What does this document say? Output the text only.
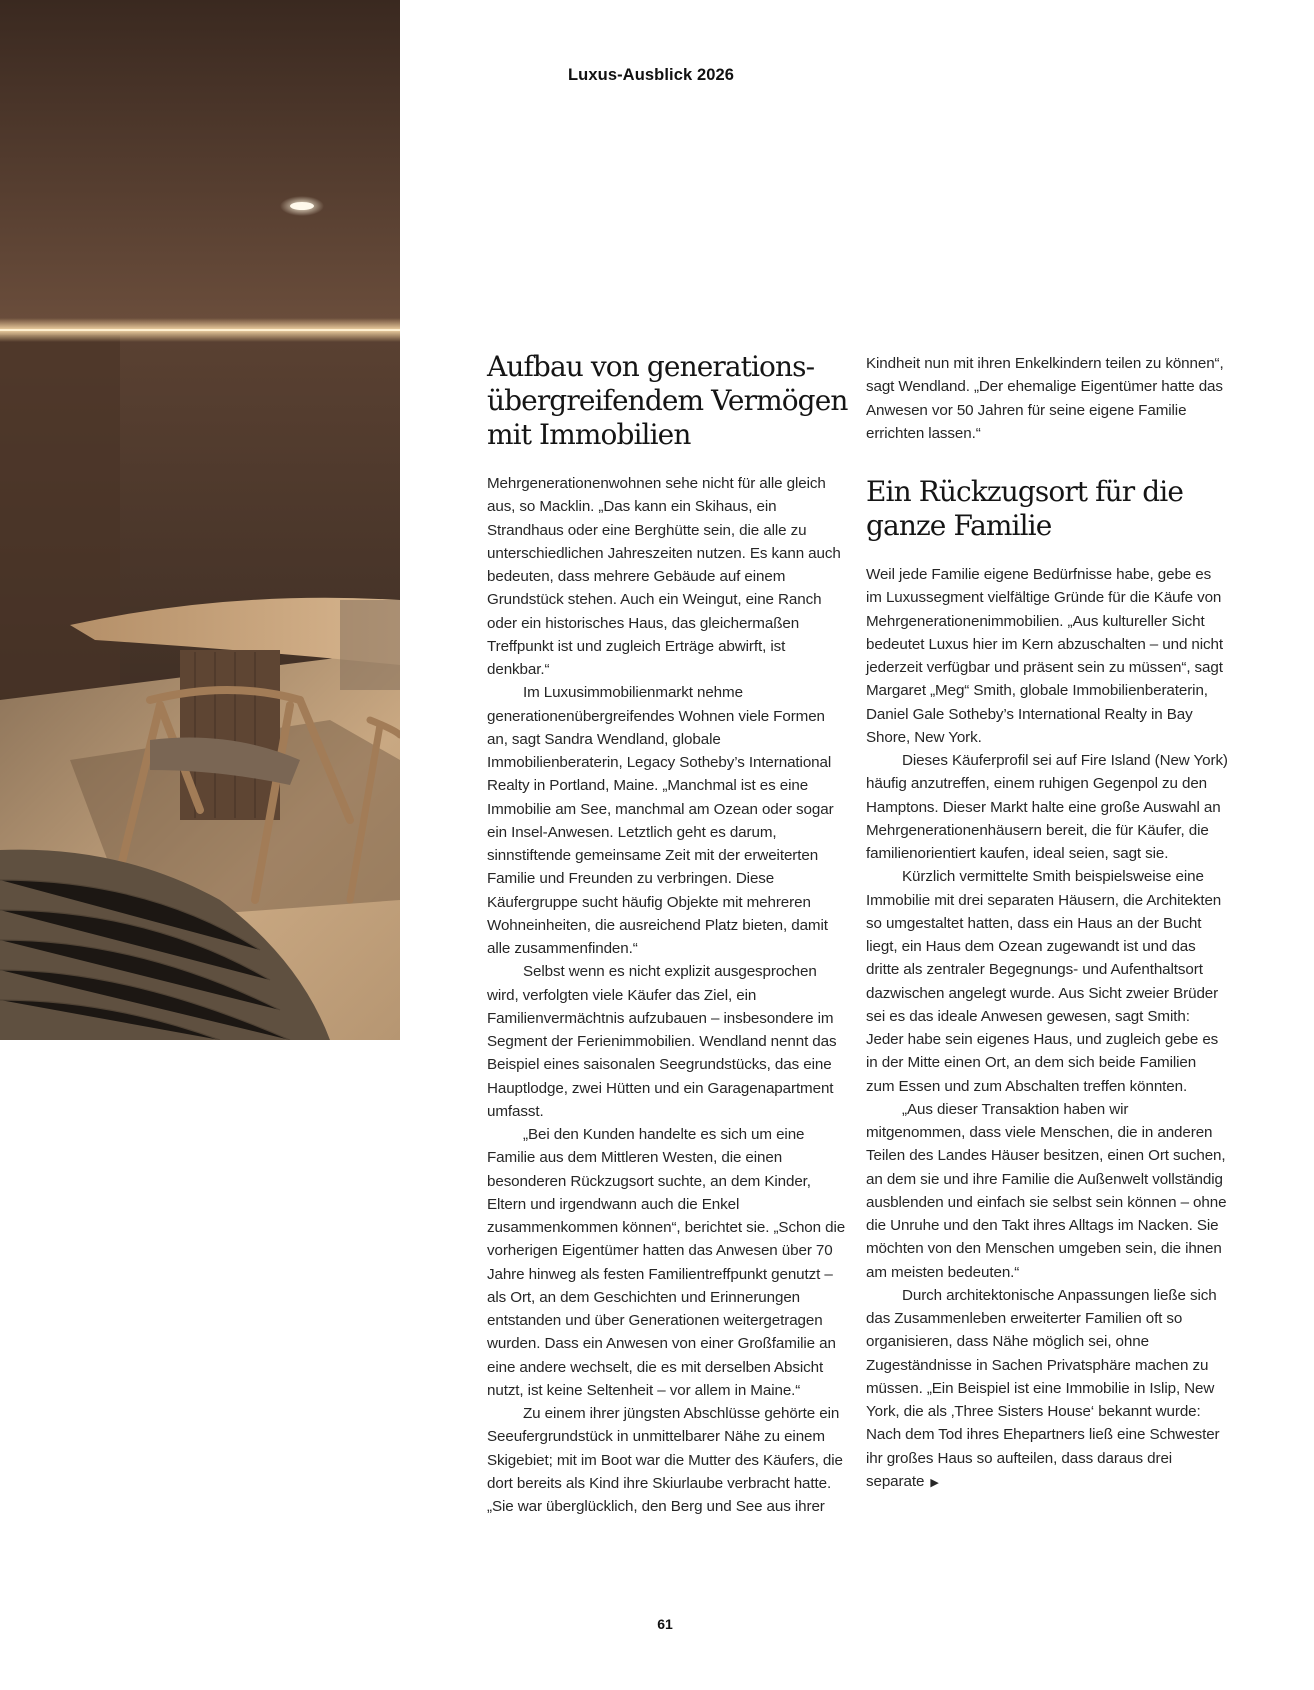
Luxus-Ausblick 2026
Aufbau von generations-übergreifendem Vermögen mit Immobilien

Mehrgenerationenwohnen sehe nicht für alle gleich aus, so Macklin. „Das kann ein Skihaus, ein Strandhaus oder eine Berghütte sein, die alle zu unterschiedlichen Jahreszeiten nutzen. Es kann auch bedeuten, dass mehrere Gebäude auf einem Grundstück stehen. Auch ein Weingut, eine Ranch oder ein historisches Haus, das gleichermaßen Treffpunkt ist und zugleich Erträge abwirft, ist denkbar.“

Im Luxusimmobilienmarkt nehme generationenübergreifendes Wohnen viele Formen an, sagt Sandra Wendland, globale Immobilienberaterin, Legacy Sotheby’s International Realty in Portland, Maine. „Manchmal ist es eine Immobilie am See, manchmal am Ozean oder sogar ein Insel-Anwesen. Letztlich geht es darum, sinnstiftende gemeinsame Zeit mit der erweiterten Familie und Freunden zu verbringen. Diese Käufergruppe sucht häufig Objekte mit mehreren Wohneinheiten, die ausreichend Platz bieten, damit alle zusammenfinden.“

Selbst wenn es nicht explizit ausgesprochen wird, verfolgten viele Käufer das Ziel, ein Familienvermächtnis aufzubauen – insbesondere im Segment der Ferienimmobilien. Wendland nennt das Beispiel eines saisonalen Seegrundstücks, das eine Hauptlodge, zwei Hütten und ein Garagenapartment umfasst.

„Bei den Kunden handelte es sich um eine Familie aus dem Mittleren Westen, die einen besonderen Rückzugsort suchte, an dem Kinder, Eltern und irgendwann auch die Enkel zusammenkommen können“, berichtet sie. „Schon die vorherigen Eigentümer hatten das Anwesen über 70 Jahre hinweg als festen Familientreffpunkt genutzt – als Ort, an dem Geschichten und Erinnerungen entstanden und über Generationen weitergetragen wurden. Dass ein Anwesen von einer Großfamilie an eine andere wechselt, die es mit derselben Absicht nutzt, ist keine Seltenheit – vor allem in Maine.“

Zu einem ihrer jüngsten Abschlüsse gehörte ein Seeufergrundstück in unmittelbarer Nähe zu einem Skigebiet; mit im Boot war die Mutter des Käufers, die dort bereits als Kind ihre Skiurlaube verbracht hatte. „Sie war überglücklich, den Berg und See aus ihrer

Kindheit nun mit ihren Enkelkindern teilen zu können“, sagt Wendland. „Der ehemalige Eigentümer hatte das Anwesen vor 50 Jahren für seine eigene Familie errichten lassen.“

Ein Rückzugsort für die ganze Familie

Weil jede Familie eigene Bedürfnisse habe, gebe es im Luxussegment vielfältige Gründe für die Käufe von Mehrgenerationenimmobilien. „Aus kultureller Sicht bedeutet Luxus hier im Kern abzuschalten – und nicht jederzeit verfügbar und präsent sein zu müssen“, sagt Margaret „Meg“ Smith, globale Immobilienberaterin, Daniel Gale Sotheby’s International Realty in Bay Shore, New York.

Dieses Käuferprofil sei auf Fire Island (New York) häufig anzutreffen, einem ruhigen Gegenpol zu den Hamptons. Dieser Markt halte eine große Auswahl an Mehrgenerationenhäusern bereit, die für Käufer, die familienorientiert kaufen, ideal seien, sagt sie.

Kürzlich vermittelte Smith beispielsweise eine Immobilie mit drei separaten Häusern, die Architekten so umgestaltet hatten, dass ein Haus an der Bucht liegt, ein Haus dem Ozean zugewandt ist und das dritte als zentraler Begegnungs- und Aufenthaltsort dazwischen angelegt wurde. Aus Sicht zweier Brüder sei es das ideale Anwesen gewesen, sagt Smith: Jeder habe sein eigenes Haus, und zugleich gebe es in der Mitte einen Ort, an dem sich beide Familien zum Essen und zum Abschalten treffen könnten.

„Aus dieser Transaktion haben wir mitgenommen, dass viele Menschen, die in anderen Teilen des Landes Häuser besitzen, einen Ort suchen, an dem sie und ihre Familie die Außenwelt vollständig ausblenden und einfach sie selbst sein können – ohne die Unruhe und den Takt ihres Alltags im Nacken. Sie möchten von den Menschen umgeben sein, die ihnen am meisten bedeuten.“

Durch architektonische Anpassungen ließe sich das Zusammenleben erweiterter Familien oft so organisieren, dass Nähe möglich sei, ohne Zugeständnisse in Sachen Privatsphäre machen zu müssen. „Ein Beispiel ist eine Immobilie in Islip, New York, die als ‚Three Sisters House‘ bekannt wurde: Nach dem Tod ihres Ehepartners ließ eine Schwester ihr großes Haus so aufteilen, dass daraus drei separate ▶

61
